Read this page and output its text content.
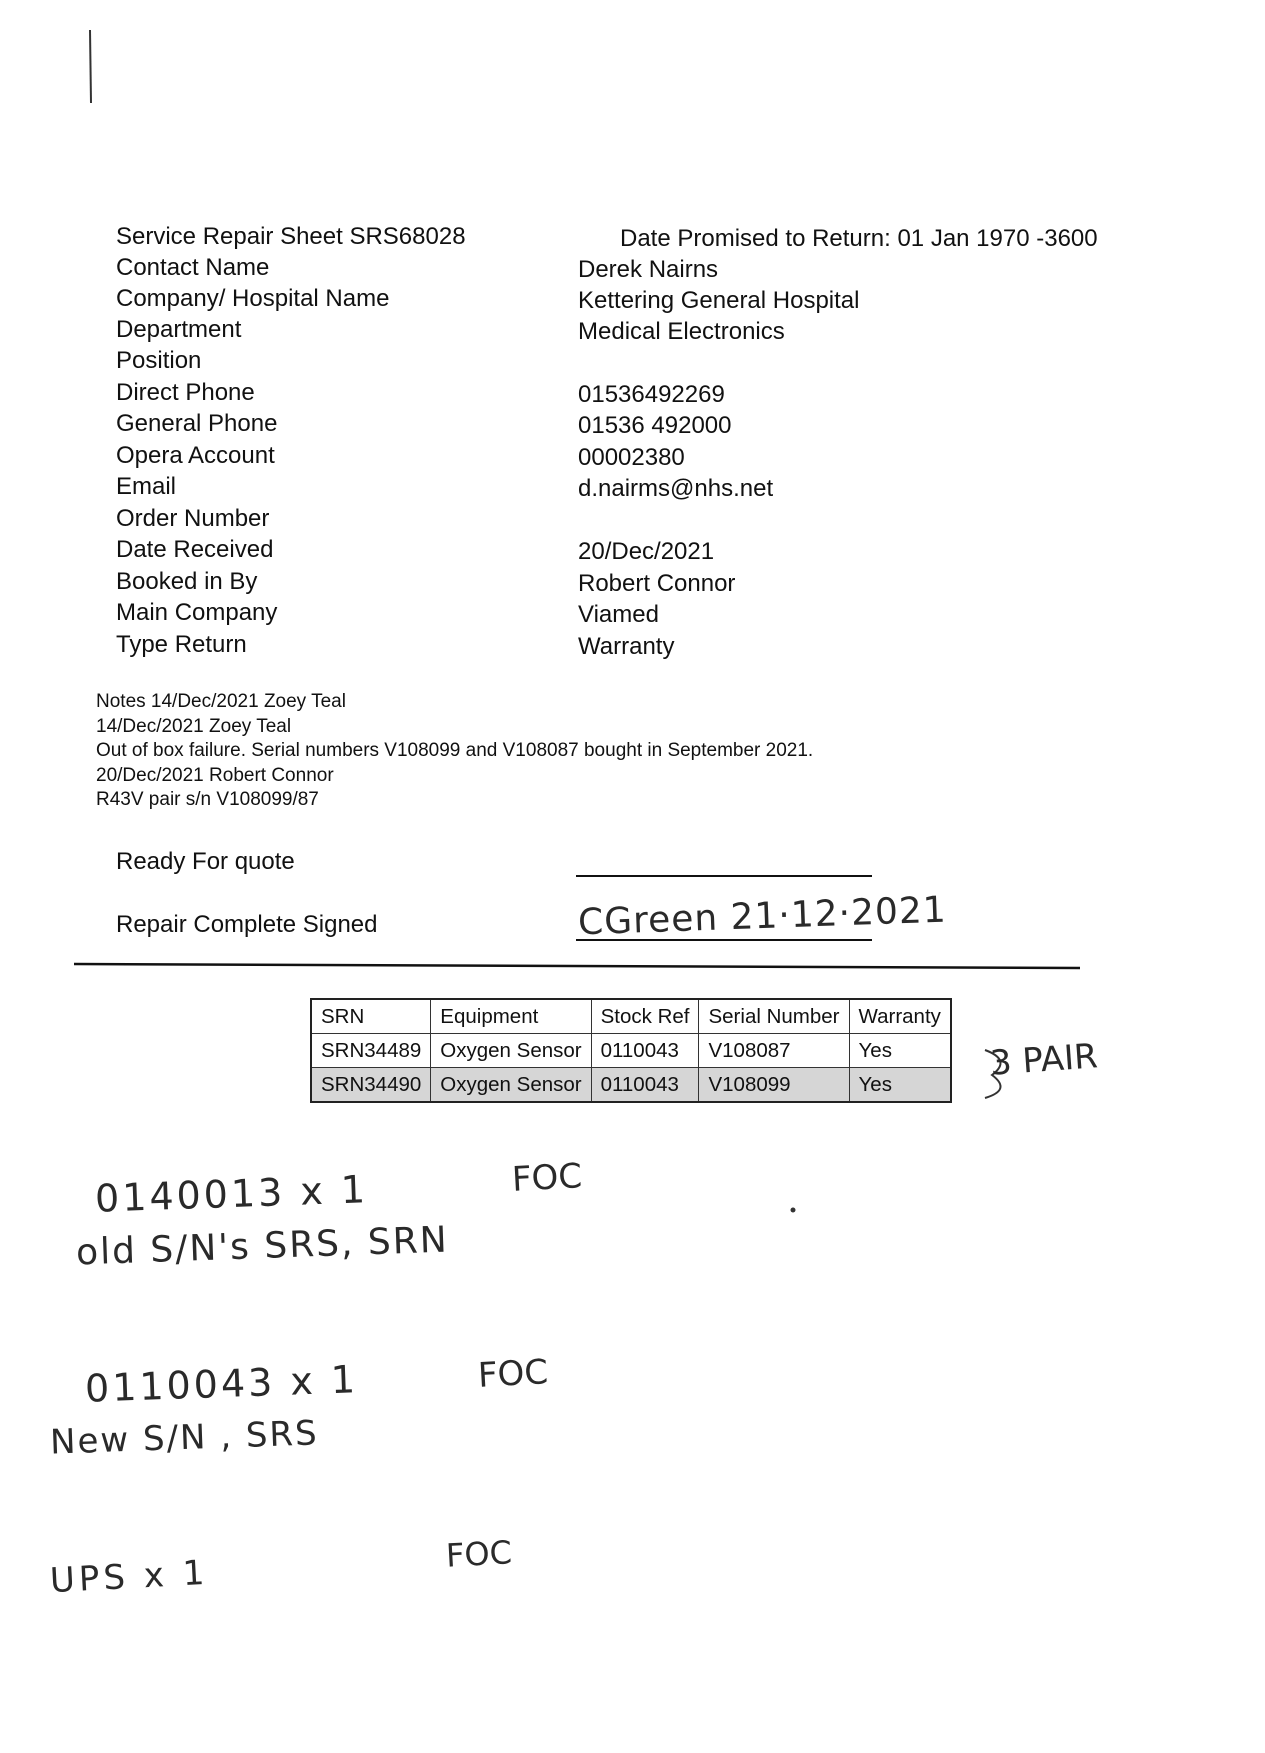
Service Repair Sheet SRS68028	Date Promised to Return: 01 Jan 1970 -3600
Contact Name	Derek Nairns
Company/ Hospital Name	Kettering General Hospital
Department	Medical Electronics
Position
Direct Phone	01536492269
General Phone	01536 492000
Opera Account	00002380
Email	d.nairms@nhs.net
Order Number
Date Received	20/Dec/2021
Booked in By	Robert Connor
Main Company	Viamed
Type Return	Warranty
Notes 14/Dec/2021 Zoey Teal
14/Dec/2021 Zoey Teal
Out of box failure. Serial numbers V108099 and V108087 bought in September 2021.
20/Dec/2021 Robert Connor
R43V pair s/n V108099/87
Ready For quote
Repair Complete Signed	CGreen 21·12·2021
SRN	Equipment	Stock Ref	Serial Number	Warranty
SRN34489	Oxygen Sensor	0110043	V108087	Yes
SRN34490	Oxygen Sensor	0110043	V108099	Yes
3 PAIR
0140013 x 1	FOC
old S/N's SRS, SRN
0110043 x 1	FOC
New S/N , SRS
UPS x 1	FOC
